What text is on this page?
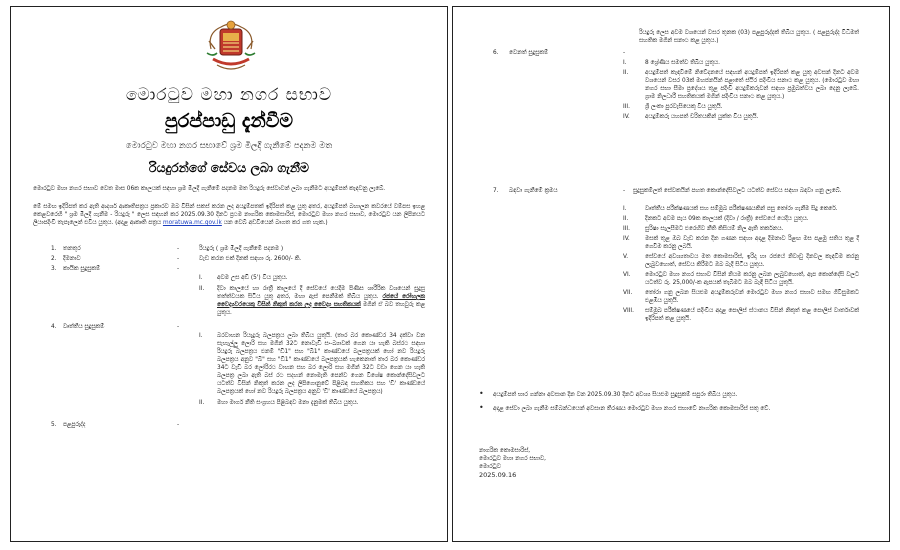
මොරටුව මහා නගර සභාව
පුරප්පාඩු දැන්වීම
මොරටුව මහා නගර සභාවේ ශ්‍රම මිලදී ගැනීමේ පදනම මත
රියදුරන්ගේ සේවය ලබා ගැනීම
මොරටුව මහා නගර සභාව වෙත මාස 06ක කාලයක් සඳහා ශ්‍රම මිලදී ගැනීමේ පදනම මත රියදුරු සේවාවන් ලබා ගැනීමට අයදුම්පත් කැඳවනු ලැබේ.
මේ සමඟ ඉදිරිපත් කර ඇති ආදර්ශ ආකෘතිපත්‍රය ප්‍රකාරව ඔබ විසින් සකස් කරන ලද අයදුම්පතක් ඉදිරිපත් කළ යුතු අතර, අයදුම්පත් බහාලන කවරයේ වම්පස ඉහළ කෙළවරෙහි " ශ්‍රම මිලදී ගැනීම - රියදුරු " ලෙස සඳහන් කර 2025.09.30 දිනට ප්‍රථම නාගරික කොමසාරිස්, මොරටුව මහා නගර සභාව, මොරටුව යන ලිපිනයට ලියාපදිංචි තැපෑලෙන් එවිය යුතුය. (අදාළ ආකෘති පත්‍රය moratuwa.mc.gov.lk යන වෙබ් අඩවියෙන් බාගත කර ගත හැක.)
1. තනතුර	-	රියදුරු ( ශ්‍රම මිලදී ගැනීමේ පදනම )
2. දීමනාව	-	වැඩ කරන එක් දිනක් සඳහා රු. 2600/- කි.
3. කායික සුදුසුකම්	-
I. අවම උස අඩි (5') විය යුතුය.
II. දිවා කාලයේ හා රාත්‍රී කාලයේ දී සේවයේ යෙදීම පිණිස ශාරීරික වශයෙන් සුදුසු තත්ත්වයක සිටිය යුතු අතර, මහා ඇස් පෙනීමක් තිබිය යුතුය. රජයේ රෝහලක වෛද්‍යවරයෙකු විසින් නිකුත් කරන ලද වෛද්‍ය සහතිකයක් මගින් ඒ බව තහවුරු කළ යුතුය.
4. වෘත්තීය සුදුසුකම්	-
I. බරවාහන රියැදුරු බලපත්‍රය ලබා තිබිය යුතුයි. (තාර බර කොණ්ඩර 34 දක්වා වන සැහැල්ලු ලොරි සහ මගීන් 32ට නොවැඩි සං-ඛ්‍යාවක් ගෙන යා හැකි බස්රථ සඳහා රියදුරු බලපත්‍රය එනම් "ඩී1" සහ "බී1" කාණ්ඩයේ බලපත්‍රයක් හෝ නව රියදුරු බලපත්‍රය අනුව "බී" සහ "ඩී1" කාණ්ඩයේ බලපත්‍රයක් හැකෙනාත් තාර බර කොණ්ඩර 34ට වැඩි බර ලෝරිරථ වාහන සහ බර ලොරි සහ මගීන් 32ට වඩා ගෙන යා හැකි බලපත්‍ර ලබා ඇති බස් රථ සදහන් නොමැති පෙන්ව ගෙන විශේෂ කොන්දේසිවලට යටත්ව විසින් නිකුත් කරන ලද ලිපිගොනුවේ පිළිබඳ සහතිකය සහ 'ඩී' කාණ්ඩයේ බලපත්‍රයක් හෝ නව රියදුරු බලපත්‍රය අනුව 'ඩී' කාණ්ඩයේ බලපත්‍රය)
II. මහා මාර්ග නීති සංග්‍රහය පිළිබඳව මනා දැනුමක් තිබිය යුතුය.
5. පළපුරුද්ද	-
රියදුරු ලෙස අවම වශයෙන් වසර තුනක (03) පළපුරුද්දක් තිබිය යුතුය. ( පළපුරුද්ද විධිමත් සහතික මගින් සනාථ කළ යුතුය.)
6. වෙනත් සුදුසුකම්	-
I.	8 ශ්‍රේණිය සමත්ව තිබිය යුතුය.
II.	අයදුම්පත් කැඳවීමේ නිවේදනයේ සඳහන් අයදුම්පත් ඉදිරිපත් කළ යුතු අවසන් දිනට අවම වශයෙන් වසර 03ක් මහජනයින් පළාතේ ස්ථිර පදිංචිය සනාථ කළ යුතුය. (මොරටුව මහා නගර සභා සීමා ප්‍රදේශය තුළ පදිංචි අයදුම්කරුවන් සඳහා ප්‍රමුඛත්වය ලබා දෙනු ලැබේ. ග්‍රාම නිලධාරී සහතිකයක් මගින් පදිංචිය සනාථ කළ යුතුය.)
III.	ශ්‍රී ලංකා පුරවැසියෙකු විය යුතුයි.
IV.	අයදුම්කරු යහපත් චරිතයකින් යුක්ත විය යුතුයි.
7. බඳවා ගැනීමේ ක්‍රමය	- සුදුසුකම්ලත් සේවකයින් පහත කොන්දේසිවලට යටත්ව සේවය සඳහා බඳවා ගනු ලැබේ.
I.	වෘත්තීය පරීක්ෂණයක් සහ සම්මුඛ පරීක්ෂණයකින් පසු තෝරා ගැනීම සිදු කෙරේ.
II.	දිනකට අවම පැය 09ක කාලයක් (දිවා / රාත්‍රී) සේවයේ යෙදිය යුතුය.
III.	සුරිෂා සැලසීමට එරෙහිව නීති කිසියම් නිල ඇති තර්කනය.
IV.	මසක් තුළ ඔබ වැඩ කරන දින ගණන සඳහා අදාළ දීමනාව රිළඟ මස පළමු සතිය තුළ දී ගෙවීම කරනු ලබයි.
V.	සේවයේ අවශ්‍යතාවය මත කොමසාරිස්, ඉරිදා හා රජයේ නිවාඩු දිනවල කැඳවීම කරනු ලැබුවහොත්, සේවය කිරීමට ඔබ බැදී සිටිය යුතුය.
VI. මොරටුව මහා නගර සභාව විසින් නියම කරනු ලබන ලැබුවහොත්, ඇප කොන්දේසි වලට යටත්ව රු. 25,000/-ක ඇපයක් තැබීමට ඔබ බැඳී සිටිය යුතුයි.
VII. තෝරා ගනු ලබන සියළුම අයදුම්කරුවන් මොරටුව මහා නගර සභාව සමඟ ගිවිසුමකට එළඹිය යුතුයි.
VIII. සම්මුඛ පරීක්ෂණයේ පදිංචිය අදාළ පොලිස් ස්ථානය විසින් නිකුත් කළ පොලිස් වාර්තාවක් ඉදිරිපත් කළ යුතුයි.
• අයදුම්පත් භාර ගන්නා අවසාන දින වන 2025.09.30 දිනට අවශ්‍ය සියළුම සුදුසුකම් සපුරා තිබිය යුතුය.
• අදාළ සේවා ලබා ගැනීම සම්බන්ධයෙන් අවසාන තීරණය මොරටුව මහා නගර සභාවේ නාගරික කොමසාරිස් සතු වේ.
නාගරික කොමසාරිස්,
මොරටුව මහා නගර සභාව,
මොරටුව
2025.09.16
